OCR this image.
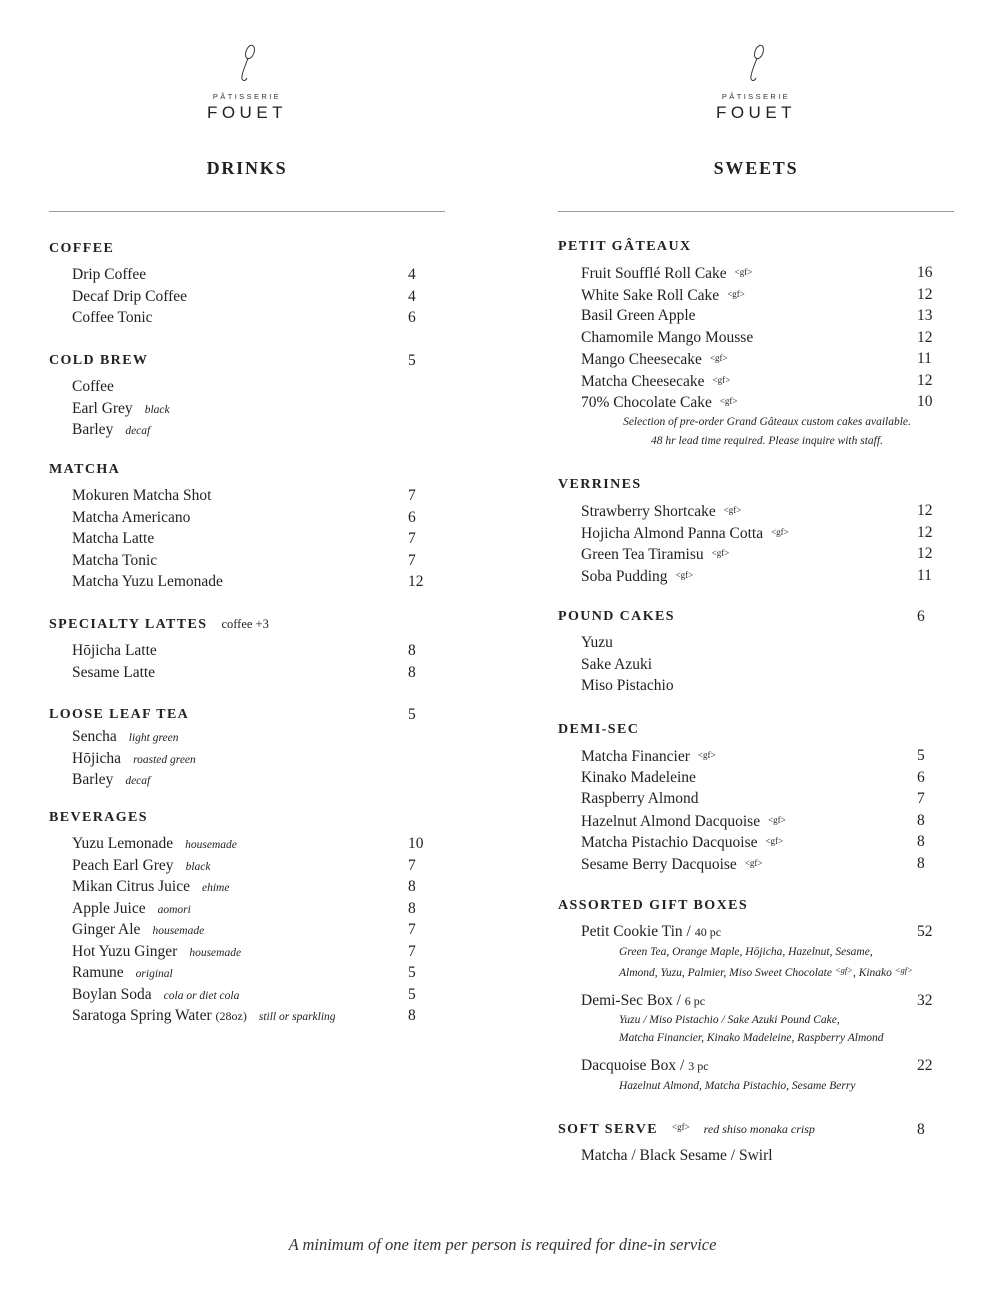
PÂTISSERIE
FOUET
DRINKS
COFFEE
Drip Coffee	4
Decaf Drip Coffee	4
Coffee Tonic	6
COLD BREW	5
Coffee
Earl Grey black
Barley decaf
MATCHA
Mokuren Matcha Shot	7
Matcha Americano	6
Matcha Latte	7
Matcha Tonic	7
Matcha Yuzu Lemonade	12
SPECIALTY LATTES coffee +3
Hōjicha Latte	8
Sesame Latte	8
LOOSE LEAF TEA	5
Sencha light green
Hōjicha roasted green
Barley decaf
BEVERAGES
Yuzu Lemonade housemade	10
Peach Earl Grey black	7
Mikan Citrus Juice ehime	8
Apple Juice aomori	8
Ginger Ale housemade	7
Hot Yuzu Ginger housemade	7
Ramune original	5
Boylan Soda cola or diet cola	5
Saratoga Spring Water (28oz) still or sparkling	8
PÂTISSERIE
FOUET
SWEETS
PETIT GÂTEAUX
Fruit Soufflé Roll Cake <gf>	16
White Sake Roll Cake <gf>	12
Basil Green Apple	13
Chamomile Mango Mousse	12
Mango Cheesecake <gf>	11
Matcha Cheesecake <gf>	12
70% Chocolate Cake <gf>	10
Selection of pre-order Grand Gâteaux custom cakes available.
48 hr lead time required. Please inquire with staff.
VERRINES
Strawberry Shortcake <gf>	12
Hojicha Almond Panna Cotta <gf>	12
Green Tea Tiramisu <gf>	12
Soba Pudding <gf>	11
POUND CAKES	6
Yuzu
Sake Azuki
Miso Pistachio
DEMI-SEC
Matcha Financier <gf>	5
Kinako Madeleine	6
Raspberry Almond	7
Hazelnut Almond Dacquoise <gf>	8
Matcha Pistachio Dacquoise <gf>	8
Sesame Berry Dacquoise <gf>	8
ASSORTED GIFT BOXES
Petit Cookie Tin / 40 pc	52
Green Tea, Orange Maple, Hōjicha, Hazelnut, Sesame,
Almond, Yuzu, Palmier, Miso Sweet Chocolate $^{<gf>}$, Kinako $^{<gf>}$
Demi-Sec Box / 6 pc	32
Yuzu / Miso Pistachio / Sake Azuki Pound Cake,
Matcha Financier, Kinako Madeleine, Raspberry Almond
Dacquoise Box / 3 pc	22
Hazelnut Almond, Matcha Pistachio, Sesame Berry
SOFT SERVE <gf> red shiso monaka crisp	8
Matcha / Black Sesame / Swirl
A minimum of one item per person is required for dine-in service
